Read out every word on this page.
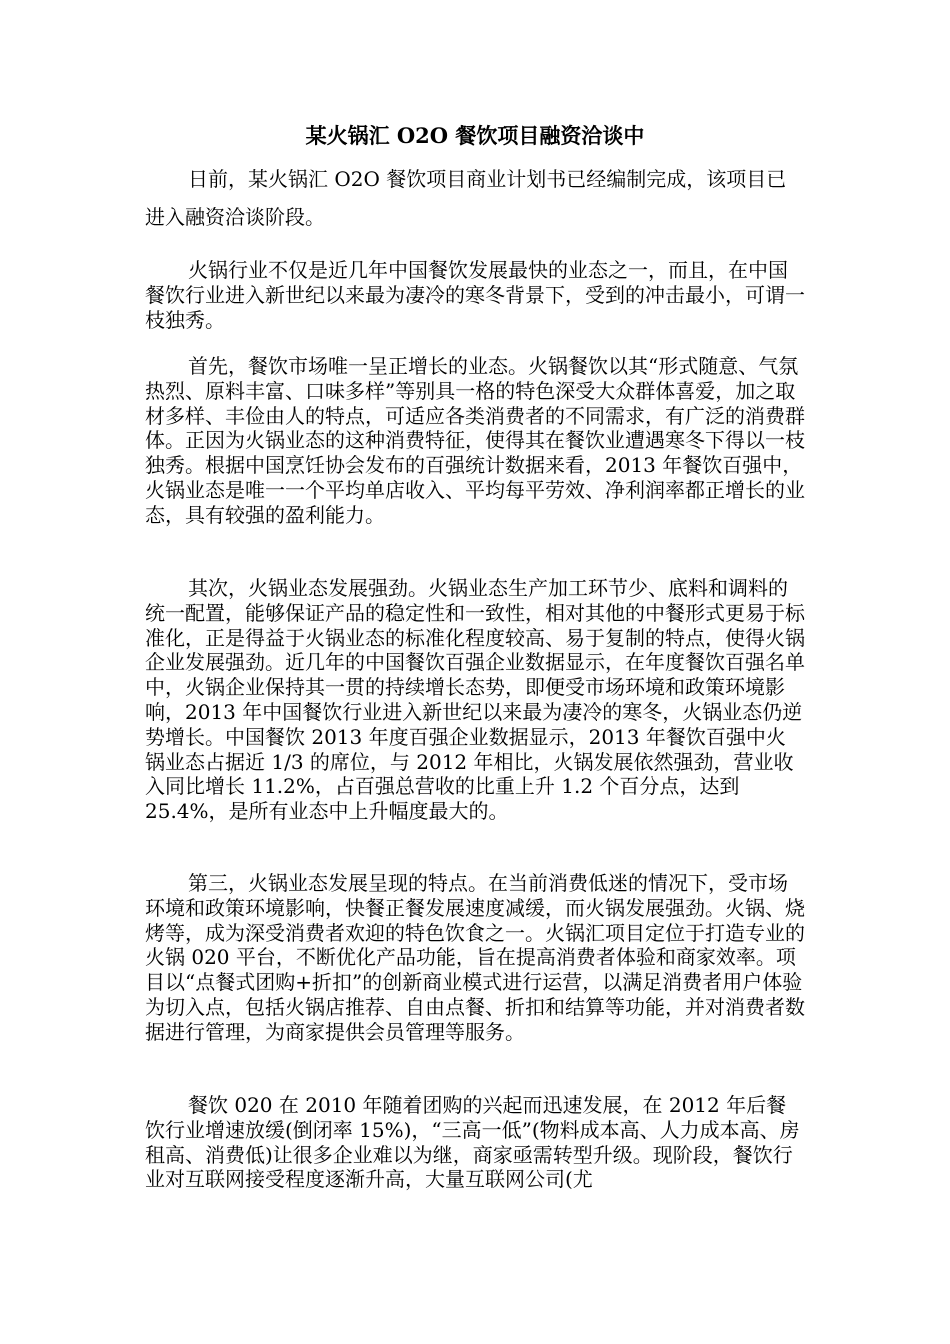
某火锅汇 O2O 餐饮项目融资洽谈中

日前，某火锅汇 O2O 餐饮项目商业计划书已经编制完成，该项目已进入融资洽谈阶段。

火锅行业不仅是近几年中国餐饮发展最快的业态之一，而且，在中国餐饮行业进入新世纪以来最为凄冷的寒冬背景下，受到的冲击最小，可谓一枝独秀。

首先，餐饮市场唯一呈正增长的业态。火锅餐饮以其“形式随意、气氛热烈、原料丰富、口味多样”等别具一格的特色深受大众群体喜爱，加之取材多样、丰俭由人的特点，可适应各类消费者的不同需求，有广泛的消费群体。正因为火锅业态的这种消费特征，使得其在餐饮业遭遇寒冬下得以一枝独秀。根据中国烹饪协会发布的百强统计数据来看，2013 年餐饮百强中，火锅业态是唯一一个平均单店收入、平均每平劳效、净利润率都正增长的业态，具有较强的盈利能力。

其次，火锅业态发展强劲。火锅业态生产加工环节少、底料和调料的统一配置，能够保证产品的稳定性和一致性，相对其他的中餐形式更易于标准化，正是得益于火锅业态的标准化程度较高、易于复制的特点，使得火锅企业发展强劲。近几年的中国餐饮百强企业数据显示，在年度餐饮百强名单中，火锅企业保持其一贯的持续增长态势，即便受市场环境和政策环境影响，2013 年中国餐饮行业进入新世纪以来最为凄冷的寒冬，火锅业态仍逆势增长。中国餐饮 2013 年度百强企业数据显示，2013 年餐饮百强中火锅业态占据近 1/3 的席位，与 2012 年相比，火锅发展依然强劲，营业收入同比增长 11.2%，占百强总营收的比重上升 1.2 个百分点，达到 25.4%，是所有业态中上升幅度最大的。

第三，火锅业态发展呈现的特点。在当前消费低迷的情况下，受市场环境和政策环境影响，快餐正餐发展速度减缓，而火锅发展强劲。火锅、烧烤等，成为深受消费者欢迎的特色饮食之一。火锅汇项目定位于打造专业的火锅 020 平台，不断优化产品功能，旨在提高消费者体验和商家效率。项目以“点餐式团购+折扣”的创新商业模式进行运营，以满足消费者用户体验为切入点，包括火锅店推荐、自由点餐、折扣和结算等功能，并对消费者数据进行管理，为商家提供会员管理等服务。

餐饮 020 在 2010 年随着团购的兴起而迅速发展，在 2012 年后餐饮行业增速放缓(倒闭率 15%)，“三高一低”(物料成本高、人力成本高、房租高、消费低)让很多企业难以为继，商家亟需转型升级。现阶段，餐饮行业对互联网接受程度逐渐升高，大量互联网公司(尤
